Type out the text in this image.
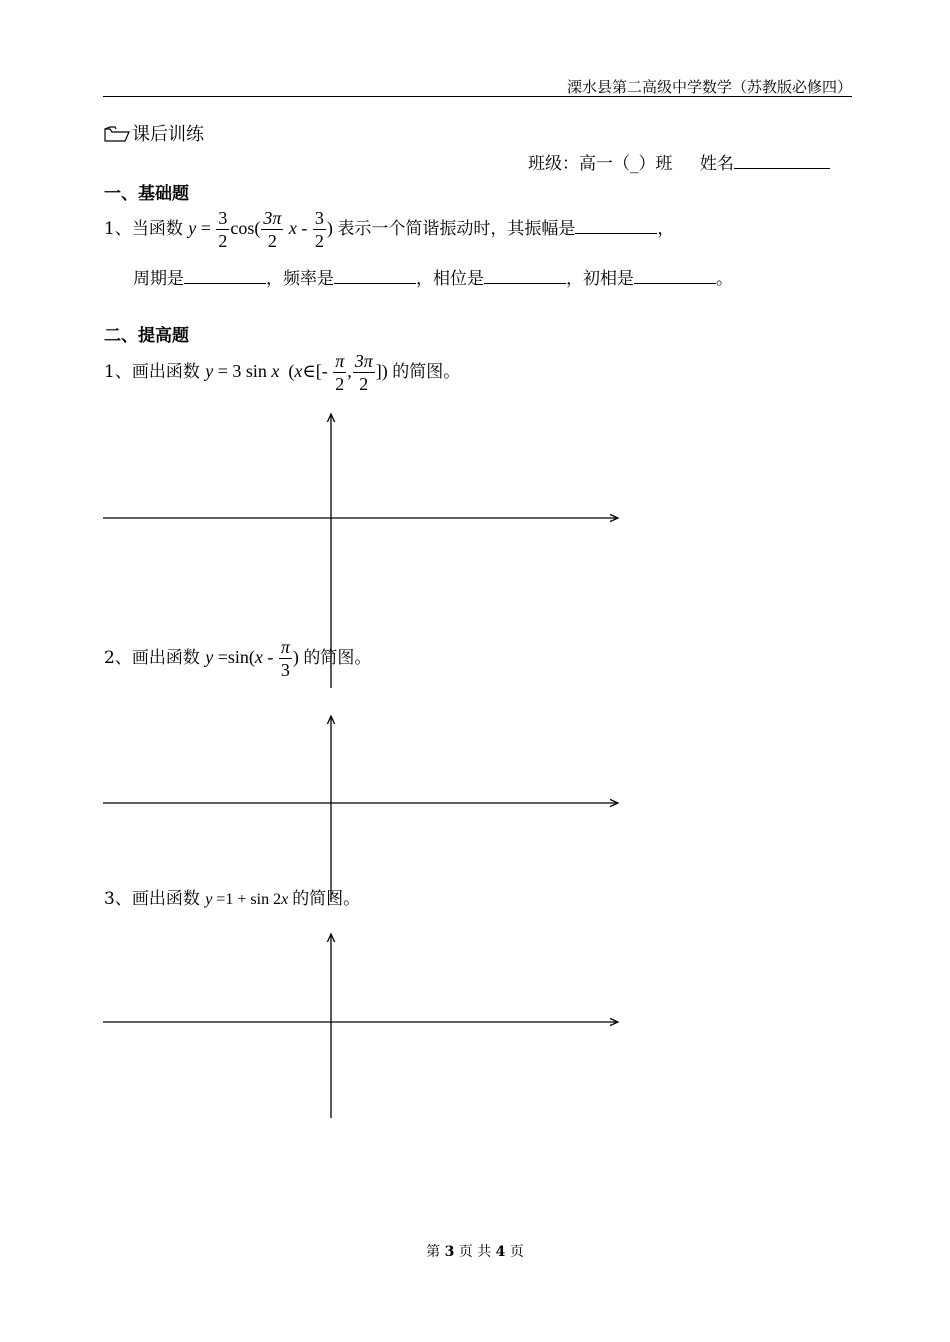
溧水县第二高级中学数学（苏教版必修四）
课后训练
班级：高一（_）班 姓名
一、基础题
1、当函数 $y = \frac{3}{2} \cos( \frac{3\pi}{2}$ x - $\frac{3}{2}$ ) 表示一个简谐振动时，其振幅是	，
周期是	，频率是	，相位是	，初相是	。
二、提高题
1、画出函数 y = 3 sin x (x∈[- $\frac{\pi}{2}$ , $\frac{3\pi}{2}$ ]) 的简图。
2、画出函数 $y =\sin(x - \frac{\pi}{3}$ ) 的简图。
3、画出函数 y =1 + sin 2x 的简图。
第 3 页 共 4 页
